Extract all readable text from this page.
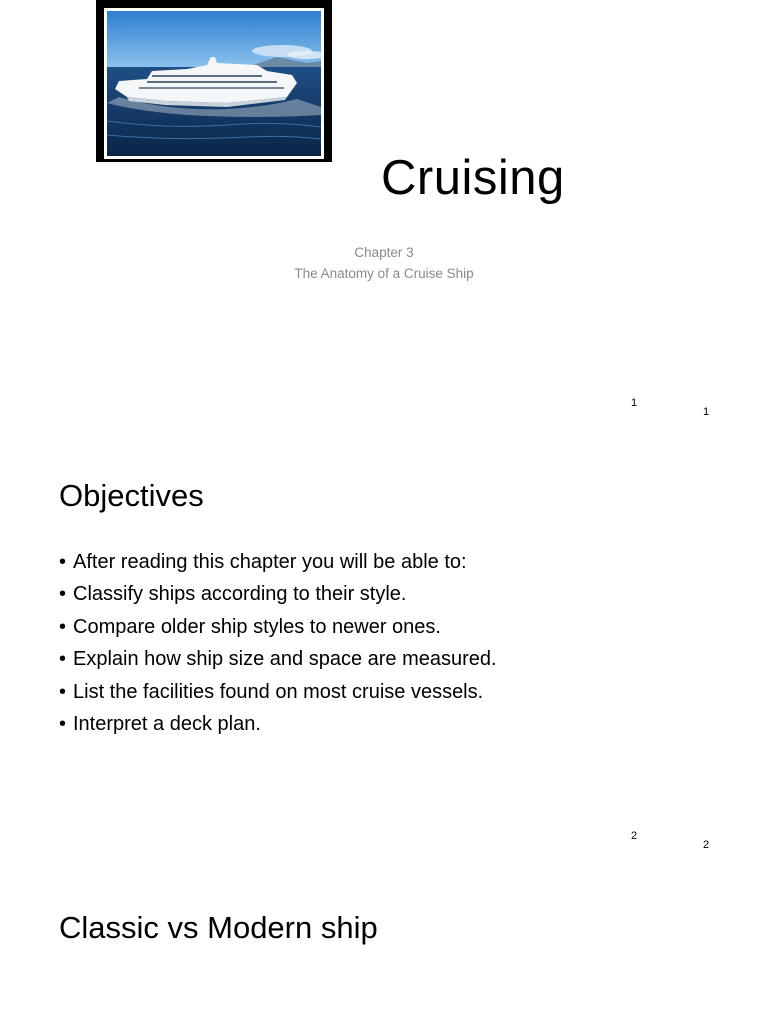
Cruising
Chapter 3
The Anatomy of a Cruise Ship
1
1
Objectives
• After reading this chapter you will be able to:
• Classify ships according to their style.
• Compare older ship styles to newer ones.
• Explain how ship size and space are measured.
• List the facilities found on most cruise vessels.
• Interpret a deck plan.
2
2
Classic vs Modern ship
